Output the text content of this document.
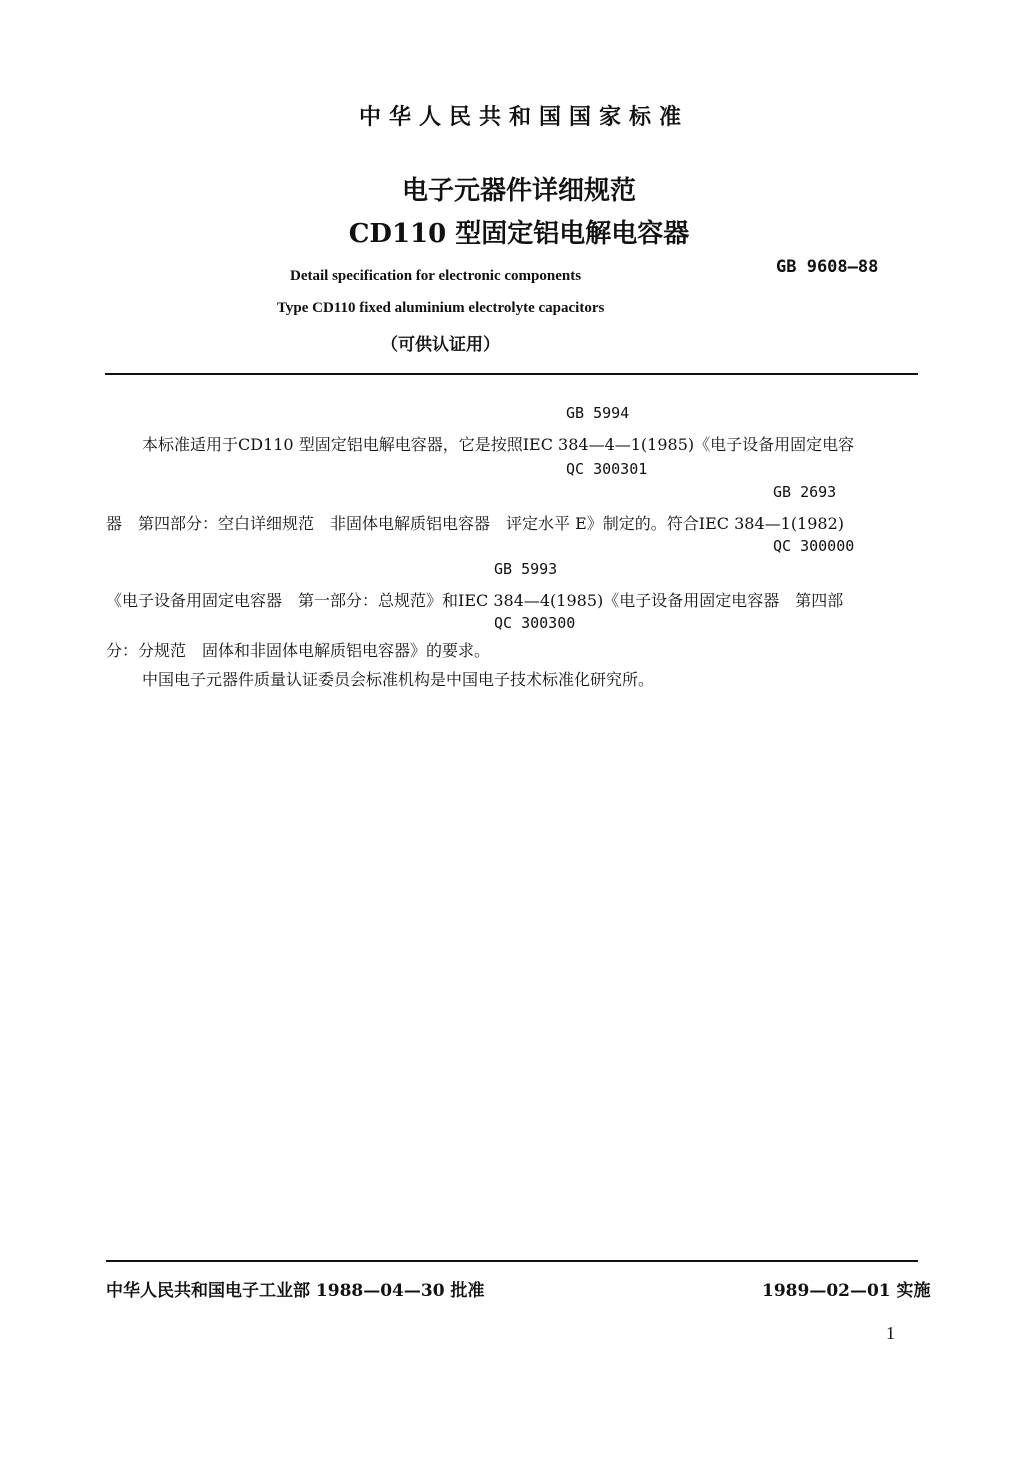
中华人民共和国国家标准
电子元器件详细规范
CD110 型固定铝电解电容器
Detail specification for electronic components
Type CD110 fixed aluminium electrolyte capacitors
（可供认证用）
GB 9608—88
GB 5994
本标准适用于CD110 型固定铝电解电容器，它是按照IEC 384—4—1(1985)《电子设备用固定电容
QC 300301
GB 2693
器　第四部分：空白详细规范　非固体电解质铝电容器　评定水平 E》制定的。符合IEC 384—1(1982)
QC 300000
GB 5993
《电子设备用固定电容器　第一部分：总规范》和IEC 384—4(1985)《电子设备用固定电容器　第四部
QC 300300
分：分规范　固体和非固体电解质铝电容器》的要求。
中国电子元器件质量认证委员会标准机构是中国电子技术标准化研究所。
中华人民共和国电子工业部 1988—04—30 批准	1989—02—01 实施
1
